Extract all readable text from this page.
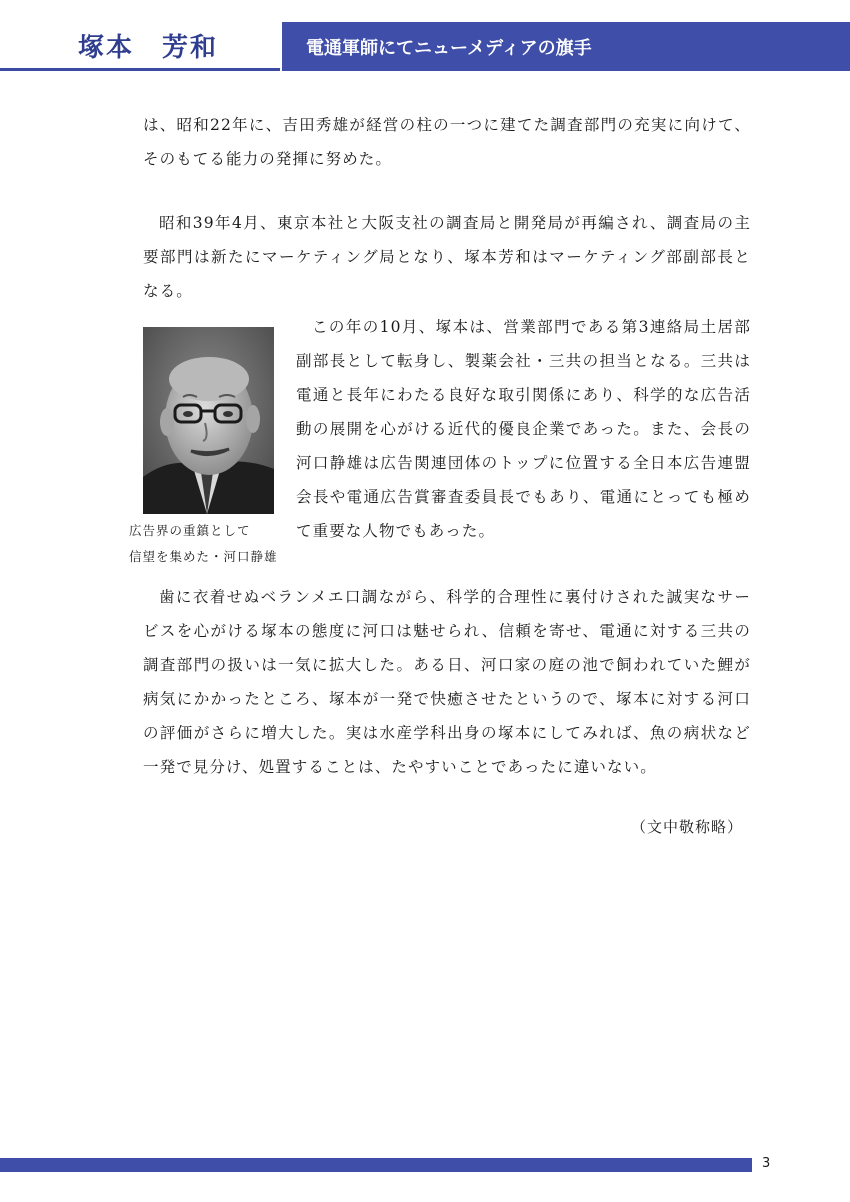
塚本　芳和	電通軍師にてニューメディアの旗手

は、昭和22年に、吉田秀雄が経営の柱の一つに建てた調査部門の充実に向けて、そのもてる能力の発揮に努めた。

昭和39年4月、東京本社と大阪支社の調査局と開発局が再編され、調査局の主要部門は新たにマーケティング局となり、塚本芳和はマーケティング部副部長となる。

広告界の重鎮として
信望を集めた・河口静雄

この年の10月、塚本は、営業部門である第3連絡局土居部副部長として転身し、製薬会社・三共の担当となる。三共は電通と長年にわたる良好な取引関係にあり、科学的な広告活動の展開を心がける近代的優良企業であった。また、会長の河口静雄は広告関連団体のトップに位置する全日本広告連盟会長や電通広告賞審査委員長でもあり、電通にとっても極めて重要な人物でもあった。

歯に衣着せぬベランメエ口調ながら、科学的合理性に裏付けされた誠実なサービスを心がける塚本の態度に河口は魅せられ、信頼を寄せ、電通に対する三共の調査部門の扱いは一気に拡大した。ある日、河口家の庭の池で飼われていた鯉が病気にかかったところ、塚本が一発で快癒させたというので、塚本に対する河口の評価がさらに増大した。実は水産学科出身の塚本にしてみれば、魚の病状など一発で見分け、処置することは、たやすいことであったに違いない。

（文中敬称略）
3
